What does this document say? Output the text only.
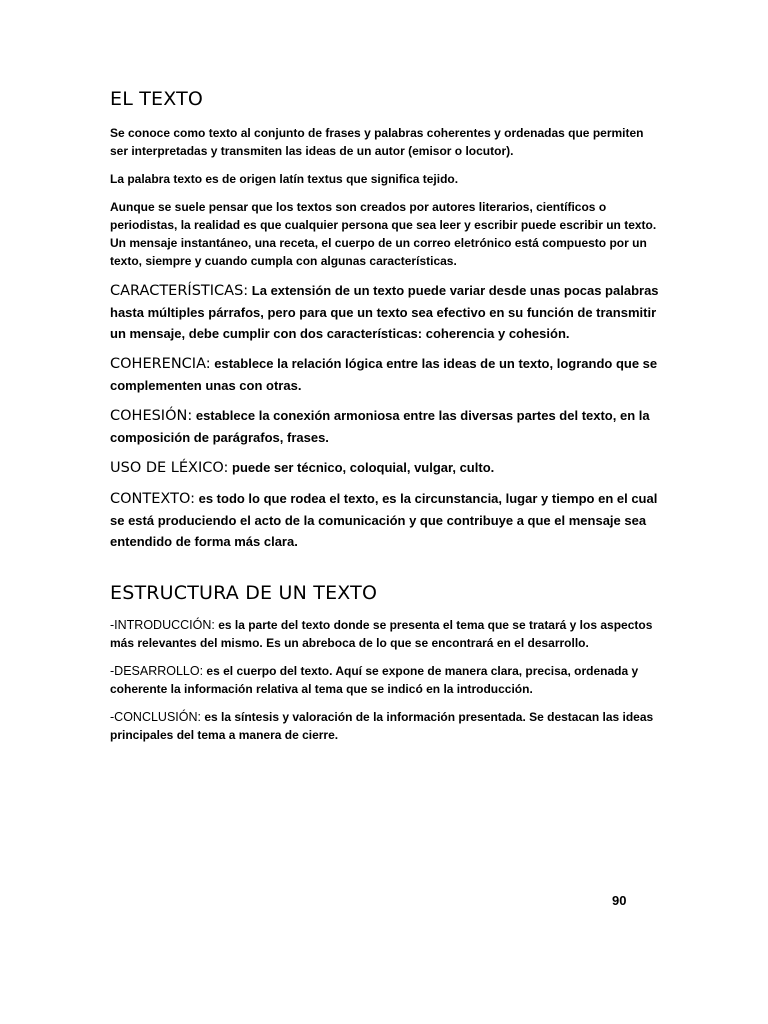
EL TEXTO

Se conoce como texto al conjunto de frases y palabras coherentes y ordenadas que permiten ser interpretadas y transmiten las ideas de un autor (emisor o locutor).

La palabra texto es de origen latín textus que significa tejido.

Aunque se suele pensar que los textos son creados por autores literarios, científicos o periodistas, la realidad es que cualquier persona que sea leer y escribir puede escribir un texto. Un mensaje instantáneo, una receta, el cuerpo de un correo eletrónico está compuesto por un texto, siempre y cuando cumpla con algunas características.

CARACTERÍSTICAS: La extensión de un texto puede variar desde unas pocas palabras hasta múltiples párrafos, pero para que un texto sea efectivo en su función de transmitir un mensaje, debe cumplir con dos características: coherencia y cohesión.

COHERENCIA: establece la relación lógica entre las ideas de un texto, logrando que se complementen unas con otras.

COHESIÓN: establece la conexión armoniosa entre las diversas partes del texto, en la composición de parágrafos, frases.

USO DE LÉXICO: puede ser técnico, coloquial, vulgar, culto.

CONTEXTO: es todo lo que rodea el texto, es la circunstancia, lugar y tiempo en el cual se está produciendo el acto de la comunicación y que contribuye a que el mensaje sea entendido de forma más clara.

ESTRUCTURA DE UN TEXTO

-INTRODUCCIÓN: es la parte del texto donde se presenta el tema que se tratará y los aspectos más relevantes del mismo. Es un abreboca de lo que se encontrará en el desarrollo.

-DESARROLLO: es el cuerpo del texto. Aquí se expone de manera clara, precisa, ordenada y coherente la información relativa al tema que se indicó en la introducción.

-CONCLUSIÓN: es la síntesis y valoración de la información presentada. Se destacan las ideas principales del tema a manera de cierre.

90
